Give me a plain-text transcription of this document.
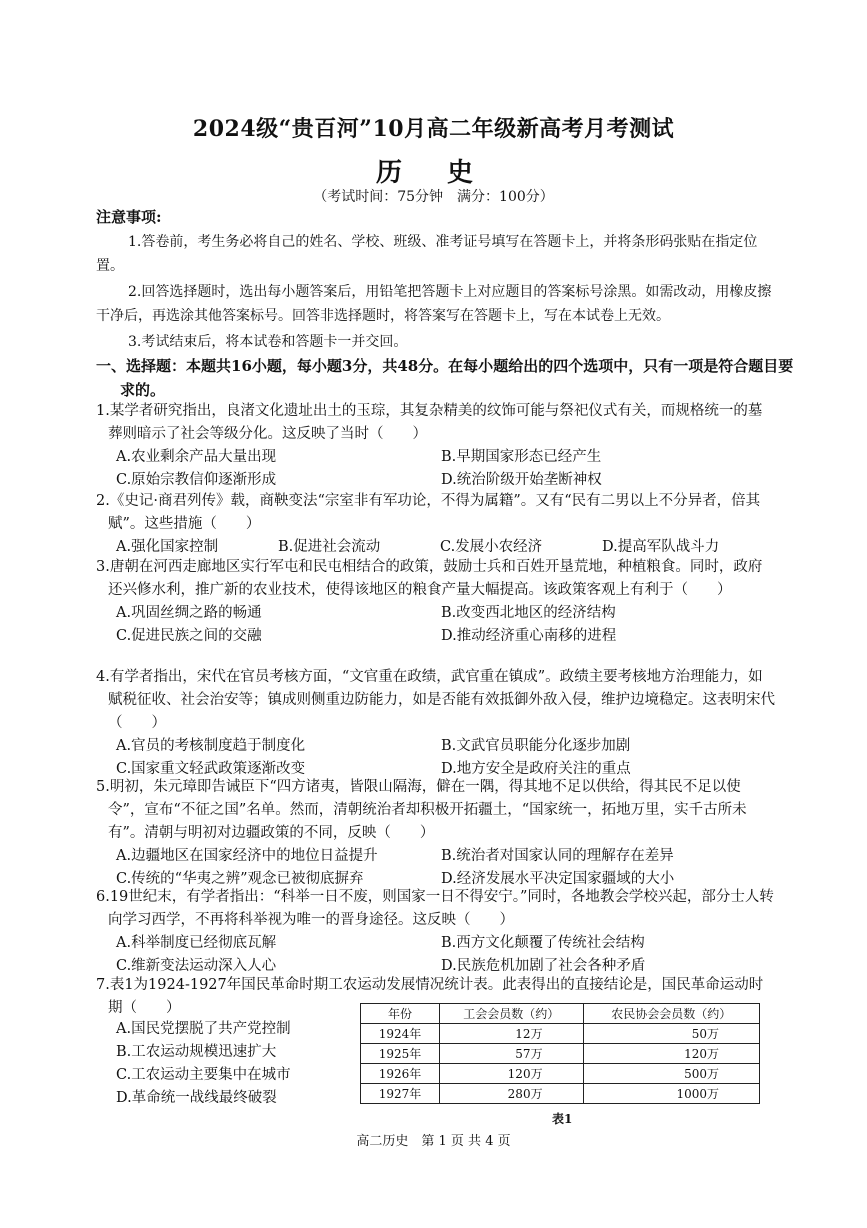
2024级“贵百河”10月高二年级新高考月考测试
历 史
（考试时间：75分钟　满分：100分）
注意事项:
1.答卷前，考生务必将自己的姓名、学校、班级、准考证号填写在答题卡上，并将条形码张贴在指定位置。
2.回答选择题时，选出每小题答案后，用铅笔把答题卡上对应题目的答案标号涂黑。如需改动，用橡皮擦干净后，再选涂其他答案标号。回答非选择题时，将答案写在答题卡上，写在本试卷上无效。
3.考试结束后，将本试卷和答题卡一并交回。
一、选择题：本题共16小题，每小题3分，共48分。在每小题给出的四个选项中，只有一项是符合题目要求的。
1.某学者研究指出，良渚文化遗址出土的玉琮，其复杂精美的纹饰可能与祭祀仪式有关，而规格统一的墓葬则暗示了社会等级分化。这反映了当时（　　）
A.农业剩余产品大量出现	B.早期国家形态已经产生
C.原始宗教信仰逐渐形成	D.统治阶级开始垄断神权
2.《史记·商君列传》载，商鞅变法“宗室非有军功论，不得为属籍”。又有“民有二男以上不分异者，倍其赋”。这些措施（　　）
A.强化国家控制	B.促进社会流动	C.发展小农经济	D.提高军队战斗力
3.唐朝在河西走廊地区实行军屯和民屯相结合的政策，鼓励士兵和百姓开垦荒地，种植粮食。同时，政府还兴修水利，推广新的农业技术，使得该地区的粮食产量大幅提高。该政策客观上有利于（　　）
A.巩固丝绸之路的畅通	B.改变西北地区的经济结构
C.促进民族之间的交融	D.推动经济重心南移的进程
4.有学者指出，宋代在官员考核方面，“文官重在政绩，武官重在镇成”。政绩主要考核地方治理能力，如赋税征收、社会治安等；镇成则侧重边防能力，如是否能有效抵御外敌入侵，维护边境稳定。这表明宋代（　　）
A.官员的考核制度趋于制度化	B.文武官员职能分化逐步加剧
C.国家重文轻武政策逐渐改变	D.地方安全是政府关注的重点
5.明初，朱元璋即告诫臣下“四方诸夷，皆限山隔海，僻在一隅，得其地不足以供给，得其民不足以使令”，宣布“不征之国”名单。然而，清朝统治者却积极开拓疆土，“国家统一，拓地万里，实千古所未有”。清朝与明初对边疆政策的不同，反映（　　）
A.边疆地区在国家经济中的地位日益提升	B.统治者对国家认同的理解存在差异
C.传统的“华夷之辨”观念已被彻底摒弃	D.经济发展水平决定国家疆域的大小
6.19世纪末，有学者指出：“科举一日不废，则国家一日不得安宁。”同时，各地教会学校兴起，部分士人转向学习西学，不再将科举视为唯一的晋身途径。这反映（　　）
A.科举制度已经彻底瓦解	B.西方文化颠覆了传统社会结构
C.维新变法运动深入人心	D.民族危机加剧了社会各种矛盾
7.表1为1924-1927年国民革命时期工农运动发展情况统计表。此表得出的直接结论是，国民革命运动时期（　　）
A.国民党摆脱了共产党控制
B.工农运动规模迅速扩大
C.工农运动主要集中在城市
D.革命统一战线最终破裂
年份	工会会员数（约）	农民协会会员数（约）
1924年	12万	50万
1925年	57万	120万
1926年	120万	500万
1927年	280万	1000万
表1
高二历史　第 1 页 共 4 页
